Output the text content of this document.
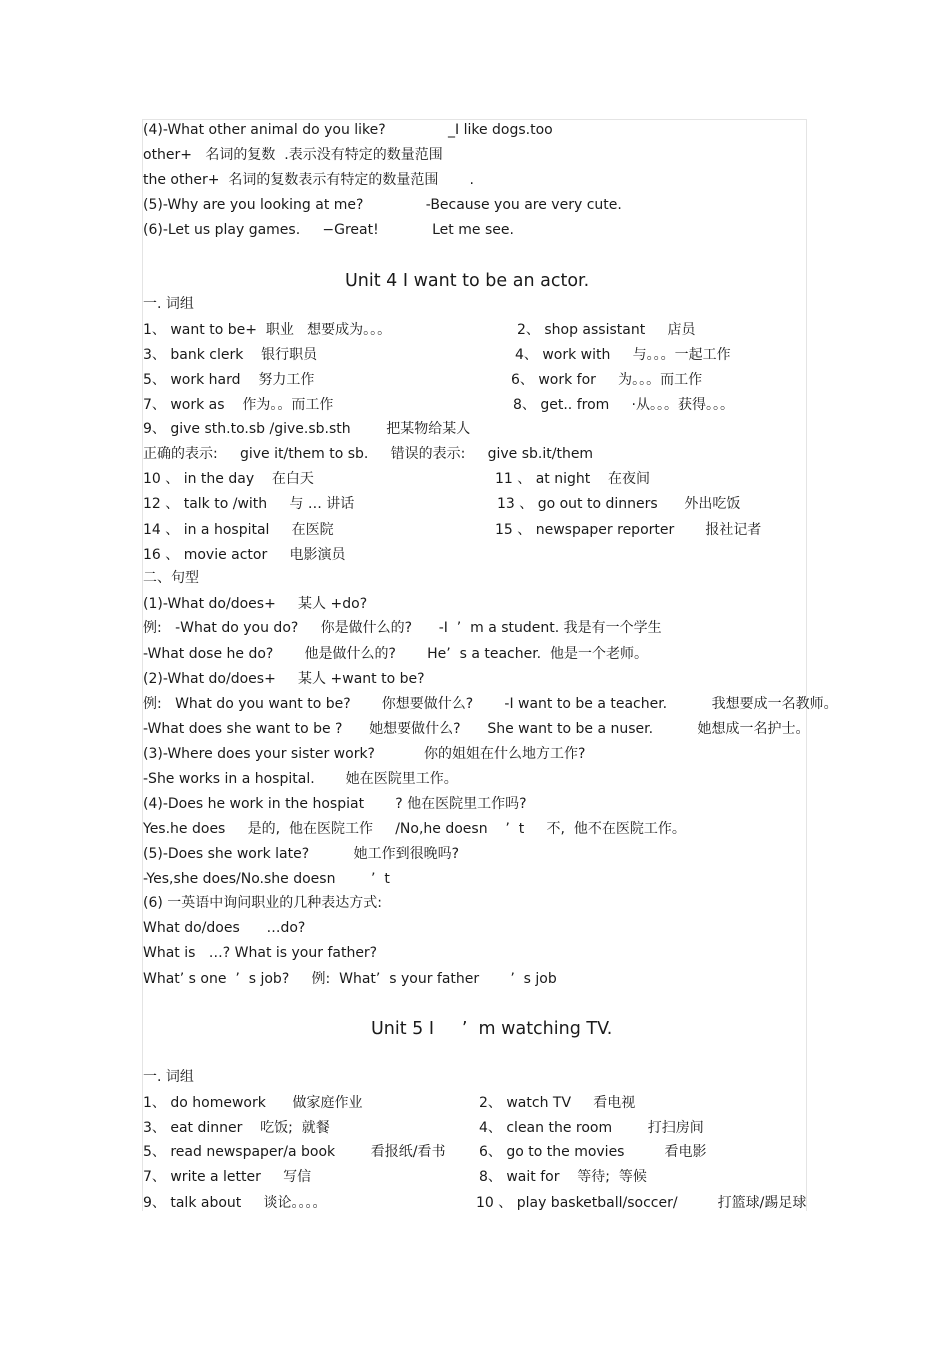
(4)-What other animal do you like?              _I like dogs.too
other+   名词的复数  .表示没有特定的数量范围
the other+  名词的复数表示有特定的数量范围       .
(5)-Why are you looking at me?              -Because you are very cute.
(6)-Let us play games.     −Great!            Let me see.
Unit 4 I want to be an actor.
一. 词组
1、 want to be+  职业   想要成为。。。	2、 shop assistant     店员
3、 bank clerk    银行职员	4、 work with     与。。。一起工作
5、 work hard    努力工作	6、 work for     为。。。而工作
7、 work as    作为。。而工作	8、 get.. from     ·从。。。获得。。。
9、 give sth.to.sb /give.sb.sth        把某物给某人
正确的表示:     give it/them to sb.     错误的表示:     give sb.it/them
10 、 in the day    在白天	11 、 at night    在夜间
12 、 talk to /with     与 … 讲话	13 、 go out to dinners      外出吃饭
14 、 in a hospital     在医院	15 、 newspaper reporter       报社记者
16 、 movie actor     电影演员
二、句型
(1)-What do/does+     某人 +do?
例:   -What do you do?     你是做什么的?      -I  ’  m a student. 我是有一个学生
-What dose he do?       他是做什么的?       He’  s a teacher.  他是一个老师。
(2)-What do/does+     某人 +want to be?
例:   What do you want to be?       你想要做什么?       -I want to be a teacher.          我想要成一名教师。
-What does she want to be ?      她想要做什么?      She want to be a nuser.          她想成一名护士。
(3)-Where does your sister work?           你的姐姐在什么地方工作?
-She works in a hospital.       她在医院里工作。
(4)-Does he work in the hospiat       ? 他在医院里工作吗?
Yes.he does     是的,  他在医院工作     /No,he doesn    ’  t     不,  他不在医院工作。
(5)-Does she work late?          她工作到很晚吗?
-Yes,she does/No.she doesn        ’  t
(6) 一英语中询问职业的几种表达方式:
What do/does      …do?
What is   …? What is your father?
What’ s one  ’  s job?     例:  What’  s your father       ’  s job
Unit 5 I     ’  m watching TV.
一. 词组
1、 do homework      做家庭作业	2、 watch TV     看电视
3、 eat dinner    吃饭;  就餐	4、 clean the room        打扫房间
5、 read newspaper/a book        看报纸/看书 6、 go to the movies         看电影
7、 write a letter     写信	8、 wait for    等待;  等候
9、 talk about     谈论。。。。	10 、 play basketball/soccer/         打篮球/踢足球
